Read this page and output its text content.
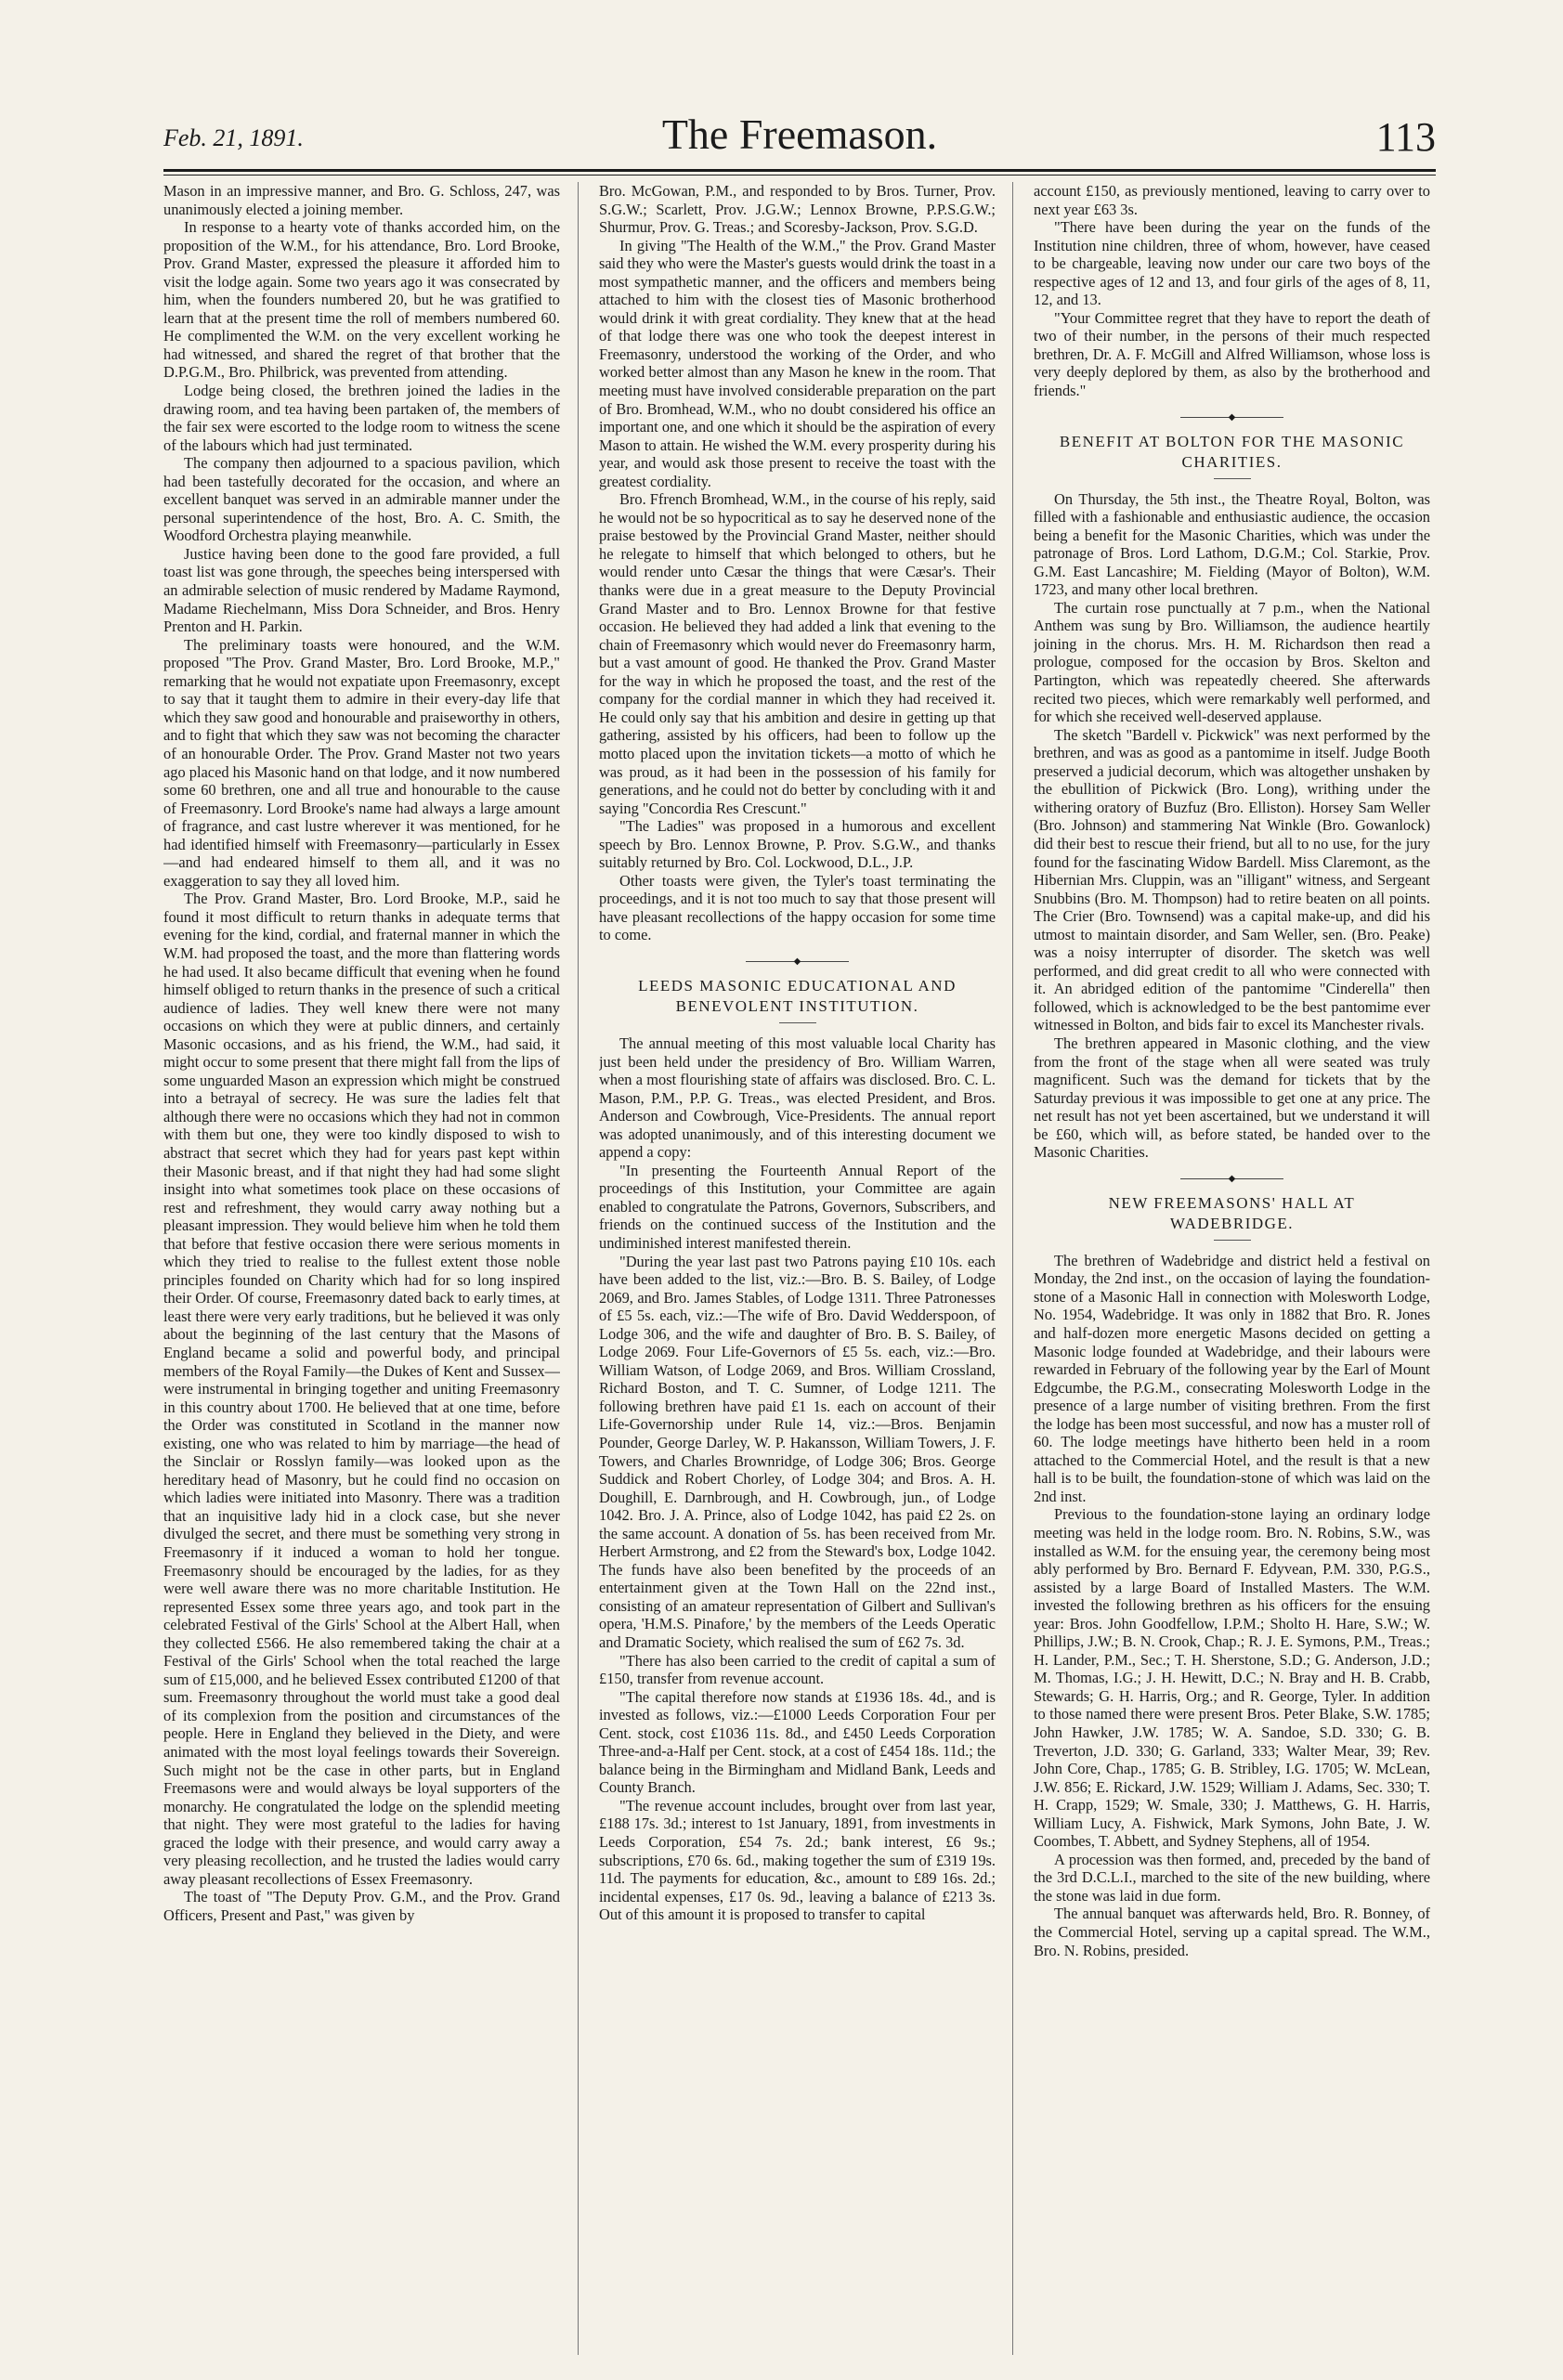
Feb. 21, 1891.	The Freemason.	113

Mason in an impressive manner, and Bro. G. Schloss, 247, was unanimously elected a joining member.

In response to a hearty vote of thanks accorded him, on the proposition of the W.M., for his attendance, Bro. Lord Brooke, Prov. Grand Master, expressed the pleasure it afforded him to visit the lodge again. Some two years ago it was consecrated by him, when the founders numbered 20, but he was gratified to learn that at the present time the roll of members numbered 60. He complimented the W.M. on the very excellent working he had witnessed, and shared the regret of that brother that the D.P.G.M., Bro. Philbrick, was prevented from attending.

Lodge being closed, the brethren joined the ladies in the drawing room, and tea having been partaken of, the members of the fair sex were escorted to the lodge room to witness the scene of the labours which had just terminated.

The company then adjourned to a spacious pavilion, which had been tastefully decorated for the occasion, and where an excellent banquet was served in an admirable manner under the personal superintendence of the host, Bro. A. C. Smith, the Woodford Orchestra playing meanwhile.

Justice having been done to the good fare provided, a full toast list was gone through, the speeches being interspersed with an admirable selection of music rendered by Madame Raymond, Madame Riechelmann, Miss Dora Schneider, and Bros. Henry Prenton and H. Parkin.

The preliminary toasts were honoured, and the W.M. proposed "The Prov. Grand Master, Bro. Lord Brooke, M.P.," remarking that he would not expatiate upon Freemasonry, except to say that it taught them to admire in their every-day life that which they saw good and honourable and praiseworthy in others, and to fight that which they saw was not becoming the character of an honourable Order. The Prov. Grand Master not two years ago placed his Masonic hand on that lodge, and it now numbered some 60 brethren, one and all true and honourable to the cause of Freemasonry. Lord Brooke's name had always a large amount of fragrance, and cast lustre wherever it was mentioned, for he had identified himself with Freemasonry—particularly in Essex—and had endeared himself to them all, and it was no exaggeration to say they all loved him.

The Prov. Grand Master, Bro. Lord Brooke, M.P., said he found it most difficult to return thanks in adequate terms that evening for the kind, cordial, and fraternal manner in which the W.M. had proposed the toast, and the more than flattering words he had used. It also became difficult that evening when he found himself obliged to return thanks in the presence of such a critical audience of ladies. They well knew there were not many occasions on which they were at public dinners, and certainly Masonic occasions, and as his friend, the W.M., had said, it might occur to some present that there might fall from the lips of some unguarded Mason an expression which might be construed into a betrayal of secrecy. He was sure the ladies felt that although there were no occasions which they had not in common with them but one, they were too kindly disposed to wish to abstract that secret which they had for years past kept within their Masonic breast, and if that night they had had some slight insight into what sometimes took place on these occasions of rest and refreshment, they would carry away nothing but a pleasant impression. They would believe him when he told them that before that festive occasion there were serious moments in which they tried to realise to the fullest extent those noble principles founded on Charity which had for so long inspired their Order. Of course, Freemasonry dated back to early times, at least there were very early traditions, but he believed it was only about the beginning of the last century that the Masons of England became a solid and powerful body, and principal members of the Royal Family—the Dukes of Kent and Sussex—were instrumental in bringing together and uniting Freemasonry in this country about 1700. He believed that at one time, before the Order was constituted in Scotland in the manner now existing, one who was related to him by marriage—the head of the Sinclair or Rosslyn family—was looked upon as the hereditary head of Masonry, but he could find no occasion on which ladies were initiated into Masonry. There was a tradition that an inquisitive lady hid in a clock case, but she never divulged the secret, and there must be something very strong in Freemasonry if it induced a woman to hold her tongue. Freemasonry should be encouraged by the ladies, for as they were well aware there was no more charitable Institution. He represented Essex some three years ago, and took part in the celebrated Festival of the Girls' School at the Albert Hall, when they collected £566. He also remembered taking the chair at a Festival of the Girls' School when the total reached the large sum of £15,000, and he believed Essex contributed £1200 of that sum. Freemasonry throughout the world must take a good deal of its complexion from the position and circumstances of the people. Here in England they believed in the Diety, and were animated with the most loyal feelings towards their Sovereign. Such might not be the case in other parts, but in England Freemasons were and would always be loyal supporters of the monarchy. He congratulated the lodge on the splendid meeting that night. They were most grateful to the ladies for having graced the lodge with their presence, and would carry away a very pleasing recollection, and he trusted the ladies would carry away pleasant recollections of Essex Freemasonry.

The toast of "The Deputy Prov. G.M., and the Prov. Grand Officers, Present and Past," was given by

Bro. McGowan, P.M., and responded to by Bros. Turner, Prov. S.G.W.; Scarlett, Prov. J.G.W.; Lennox Browne, P.P.S.G.W.; Shurmur, Prov. G. Treas.; and Scoresby-Jackson, Prov. S.G.D.

In giving "The Health of the W.M.," the Prov. Grand Master said they who were the Master's guests would drink the toast in a most sympathetic manner, and the officers and members being attached to him with the closest ties of Masonic brotherhood would drink it with great cordiality. They knew that at the head of that lodge there was one who took the deepest interest in Freemasonry, understood the working of the Order, and who worked better almost than any Mason he knew in the room. That meeting must have involved considerable preparation on the part of Bro. Bromhead, W.M., who no doubt considered his office an important one, and one which it should be the aspiration of every Mason to attain. He wished the W.M. every prosperity during his year, and would ask those present to receive the toast with the greatest cordiality.

Bro. Ffrench Bromhead, W.M., in the course of his reply, said he would not be so hypocritical as to say he deserved none of the praise bestowed by the Provincial Grand Master, neither should he relegate to himself that which belonged to others, but he would render unto Cæsar the things that were Cæsar's. Their thanks were due in a great measure to the Deputy Provincial Grand Master and to Bro. Lennox Browne for that festive occasion. He believed they had added a link that evening to the chain of Freemasonry which would never do Freemasonry harm, but a vast amount of good. He thanked the Prov. Grand Master for the way in which he proposed the toast, and the rest of the company for the cordial manner in which they had received it. He could only say that his ambition and desire in getting up that gathering, assisted by his officers, had been to follow up the motto placed upon the invitation tickets—a motto of which he was proud, as it had been in the possession of his family for generations, and he could not do better by concluding with it and saying "Concordia Res Crescunt."

"The Ladies" was proposed in a humorous and excellent speech by Bro. Lennox Browne, P. Prov. S.G.W., and thanks suitably returned by Bro. Col. Lockwood, D.L., J.P.

Other toasts were given, the Tyler's toast terminating the proceedings, and it is not too much to say that those present will have pleasant recollections of the happy occasion for some time to come.

◆
LEEDS MASONIC EDUCATIONAL AND
BENEVOLENT INSTITUTION.

The annual meeting of this most valuable local Charity has just been held under the presidency of Bro. William Warren, when a most flourishing state of affairs was disclosed. Bro. C. L. Mason, P.M., P.P. G. Treas., was elected President, and Bros. Anderson and Cowbrough, Vice-Presidents. The annual report was adopted unanimously, and of this interesting document we append a copy:

"In presenting the Fourteenth Annual Report of the proceedings of this Institution, your Committee are again enabled to congratulate the Patrons, Governors, Subscribers, and friends on the continued success of the Institution and the undiminished interest manifested therein.

"During the year last past two Patrons paying £10 10s. each have been added to the list, viz.:—Bro. B. S. Bailey, of Lodge 2069, and Bro. James Stables, of Lodge 1311. Three Patronesses of £5 5s. each, viz.:—The wife of Bro. David Wedderspoon, of Lodge 306, and the wife and daughter of Bro. B. S. Bailey, of Lodge 2069. Four Life-Governors of £5 5s. each, viz.:—Bro. William Watson, of Lodge 2069, and Bros. William Crossland, Richard Boston, and T. C. Sumner, of Lodge 1211. The following brethren have paid £1 1s. each on account of their Life-Governorship under Rule 14, viz.:—Bros. Benjamin Pounder, George Darley, W. P. Hakansson, William Towers, J. F. Towers, and Charles Brownridge, of Lodge 306; Bros. George Suddick and Robert Chorley, of Lodge 304; and Bros. A. H. Doughill, E. Darnbrough, and H. Cowbrough, jun., of Lodge 1042. Bro. J. A. Prince, also of Lodge 1042, has paid £2 2s. on the same account. A donation of 5s. has been received from Mr. Herbert Armstrong, and £2 from the Steward's box, Lodge 1042. The funds have also been benefited by the proceeds of an entertainment given at the Town Hall on the 22nd inst., consisting of an amateur representation of Gilbert and Sullivan's opera, 'H.M.S. Pinafore,' by the members of the Leeds Operatic and Dramatic Society, which realised the sum of £62 7s. 3d.

"There has also been carried to the credit of capital a sum of £150, transfer from revenue account.

"The capital therefore now stands at £1936 18s. 4d., and is invested as follows, viz.:—£1000 Leeds Corporation Four per Cent. stock, cost £1036 11s. 8d., and £450 Leeds Corporation Three-and-a-Half per Cent. stock, at a cost of £454 18s. 11d.; the balance being in the Birmingham and Midland Bank, Leeds and County Branch.

"The revenue account includes, brought over from last year, £188 17s. 3d.; interest to 1st January, 1891, from investments in Leeds Corporation, £54 7s. 2d.; bank interest, £6 9s.; subscriptions, £70 6s. 6d., making together the sum of £319 19s. 11d. The payments for education, &c., amount to £89 16s. 2d.; incidental expenses, £17 0s. 9d., leaving a balance of £213 3s. Out of this amount it is proposed to transfer to capital

account £150, as previously mentioned, leaving to carry over to next year £63 3s.

"There have been during the year on the funds of the Institution nine children, three of whom, however, have ceased to be chargeable, leaving now under our care two boys of the respective ages of 12 and 13, and four girls of the ages of 8, 11, 12, and 13.

"Your Committee regret that they have to report the death of two of their number, in the persons of their much respected brethren, Dr. A. F. McGill and Alfred Williamson, whose loss is very deeply deplored by them, as also by the brotherhood and friends."

◆
BENEFIT AT BOLTON FOR THE MASONIC
CHARITIES.

On Thursday, the 5th inst., the Theatre Royal, Bolton, was filled with a fashionable and enthusiastic audience, the occasion being a benefit for the Masonic Charities, which was under the patronage of Bros. Lord Lathom, D.G.M.; Col. Starkie, Prov. G.M. East Lancashire; M. Fielding (Mayor of Bolton), W.M. 1723, and many other local brethren.

The curtain rose punctually at 7 p.m., when the National Anthem was sung by Bro. Williamson, the audience heartily joining in the chorus. Mrs. H. M. Richardson then read a prologue, composed for the occasion by Bros. Skelton and Partington, which was repeatedly cheered. She afterwards recited two pieces, which were remarkably well performed, and for which she received well-deserved applause.

The sketch "Bardell v. Pickwick" was next performed by the brethren, and was as good as a pantomime in itself. Judge Booth preserved a judicial decorum, which was altogether unshaken by the ebullition of Pickwick (Bro. Long), writhing under the withering oratory of Buzfuz (Bro. Elliston). Horsey Sam Weller (Bro. Johnson) and stammering Nat Winkle (Bro. Gowanlock) did their best to rescue their friend, but all to no use, for the jury found for the fascinating Widow Bardell. Miss Claremont, as the Hibernian Mrs. Cluppin, was an "illigant" witness, and Sergeant Snubbins (Bro. M. Thompson) had to retire beaten on all points. The Crier (Bro. Townsend) was a capital make-up, and did his utmost to maintain disorder, and Sam Weller, sen. (Bro. Peake) was a noisy interrupter of disorder. The sketch was well performed, and did great credit to all who were connected with it. An abridged edition of the pantomime "Cinderella" then followed, which is acknowledged to be the best pantomime ever witnessed in Bolton, and bids fair to excel its Manchester rivals.

The brethren appeared in Masonic clothing, and the view from the front of the stage when all were seated was truly magnificent. Such was the demand for tickets that by the Saturday previous it was impossible to get one at any price. The net result has not yet been ascertained, but we understand it will be £60, which will, as before stated, be handed over to the Masonic Charities.

◆
NEW FREEMASONS' HALL AT
WADEBRIDGE.

The brethren of Wadebridge and district held a festival on Monday, the 2nd inst., on the occasion of laying the foundation-stone of a Masonic Hall in connection with Molesworth Lodge, No. 1954, Wadebridge. It was only in 1882 that Bro. R. Jones and half-dozen more energetic Masons decided on getting a Masonic lodge founded at Wadebridge, and their labours were rewarded in February of the following year by the Earl of Mount Edgcumbe, the P.G.M., consecrating Molesworth Lodge in the presence of a large number of visiting brethren. From the first the lodge has been most successful, and now has a muster roll of 60. The lodge meetings have hitherto been held in a room attached to the Commercial Hotel, and the result is that a new hall is to be built, the foundation-stone of which was laid on the 2nd inst.

Previous to the foundation-stone laying an ordinary lodge meeting was held in the lodge room. Bro. N. Robins, S.W., was installed as W.M. for the ensuing year, the ceremony being most ably performed by Bro. Bernard F. Edyvean, P.M. 330, P.G.S., assisted by a large Board of Installed Masters. The W.M. invested the following brethren as his officers for the ensuing year: Bros. John Goodfellow, I.P.M.; Sholto H. Hare, S.W.; W. Phillips, J.W.; B. N. Crook, Chap.; R. J. E. Symons, P.M., Treas.; H. Lander, P.M., Sec.; T. H. Sherstone, S.D.; G. Anderson, J.D.; M. Thomas, I.G.; J. H. Hewitt, D.C.; N. Bray and H. B. Crabb, Stewards; G. H. Harris, Org.; and R. George, Tyler. In addition to those named there were present Bros. Peter Blake, S.W. 1785; John Hawker, J.W. 1785; W. A. Sandoe, S.D. 330; G. B. Treverton, J.D. 330; G. Garland, 333; Walter Mear, 39; Rev. John Core, Chap., 1785; G. B. Stribley, I.G. 1705; W. McLean, J.W. 856; E. Rickard, J.W. 1529; William J. Adams, Sec. 330; T. H. Crapp, 1529; W. Smale, 330; J. Matthews, G. H. Harris, William Lucy, A. Fishwick, Mark Symons, John Bate, J. W. Coombes, T. Abbett, and Sydney Stephens, all of 1954.

A procession was then formed, and, preceded by the band of the 3rd D.C.L.I., marched to the site of the new building, where the stone was laid in due form.

The annual banquet was afterwards held, Bro. R. Bonney, of the Commercial Hotel, serving up a capital spread. The W.M., Bro. N. Robins, presided.
